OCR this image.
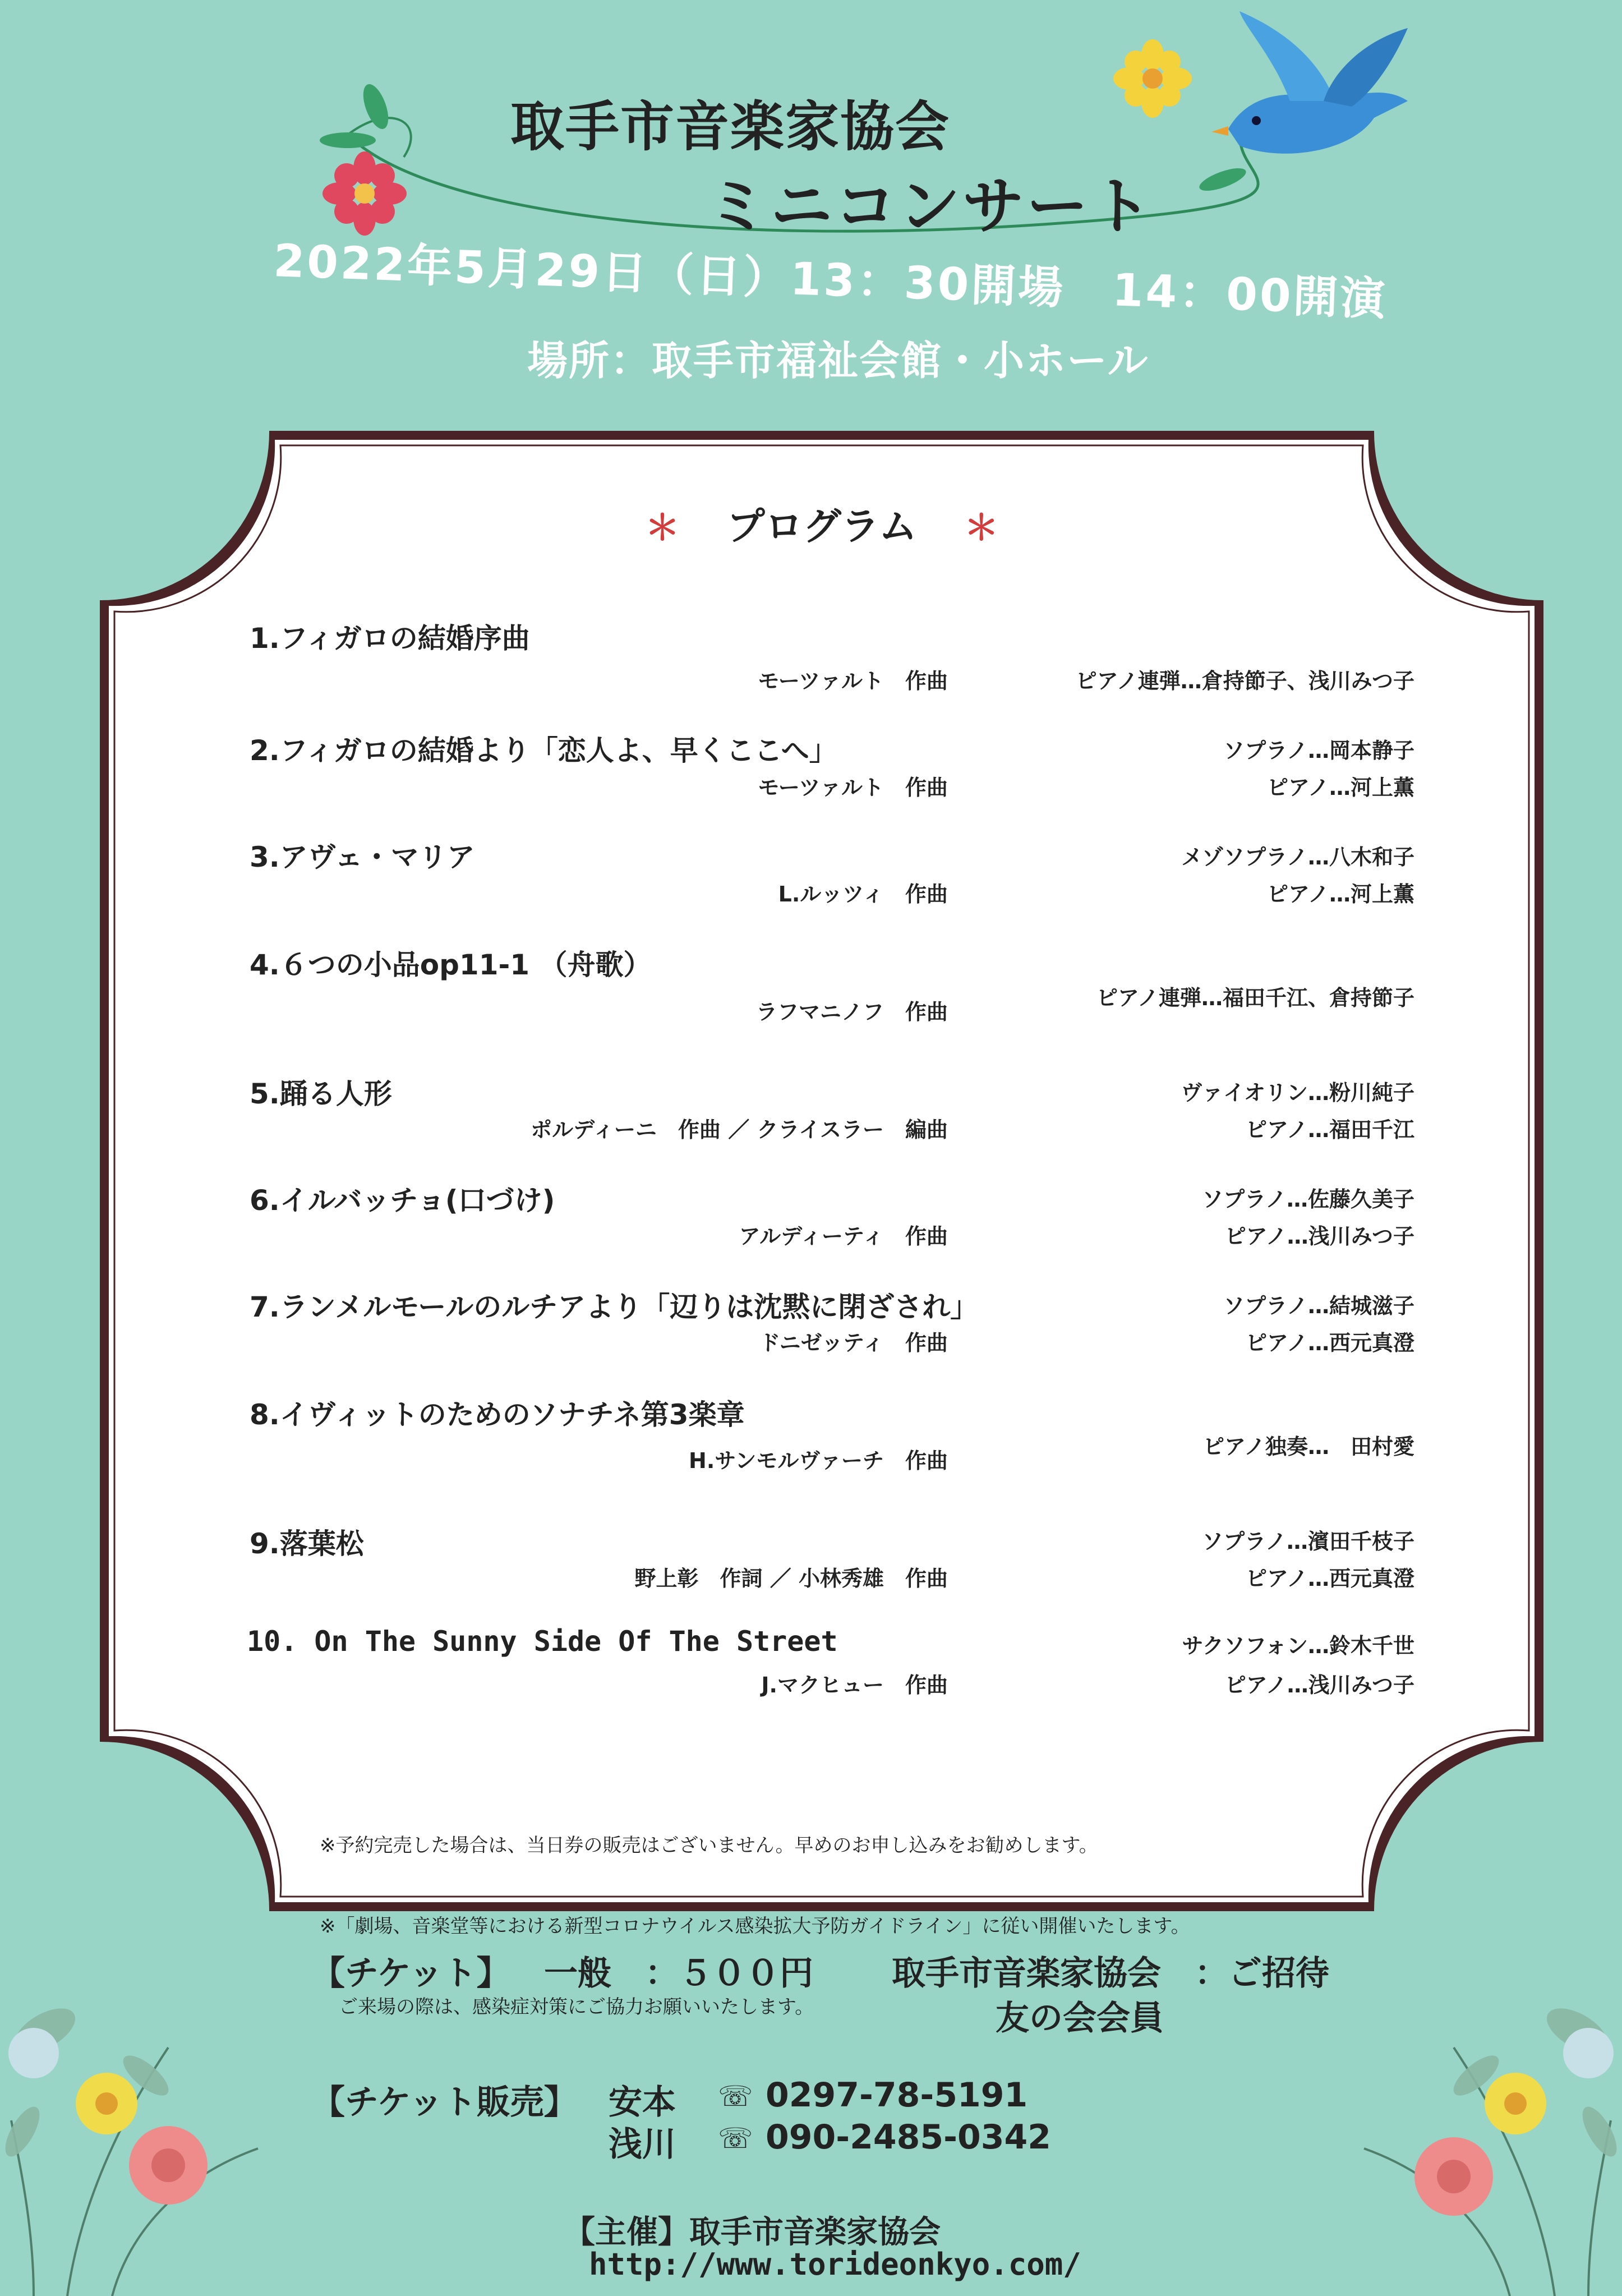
取手市音楽家協会
ミニコンサート
2022年5月29日（日）13：30開場　14：00開演
場所：取手市福祉会館・小ホール
＊ プログラム ＊
1.フィガロの結婚序曲
モーツァルト　作曲	ピアノ連弾…倉持節子、浅川みつ子
2.フィガロの結婚より「恋人よ、早くここへ」
モーツァルト　作曲
ソプラノ…岡本静子
ピアノ…河上薫
3.アヴェ・マリア
L.ルッツィ　作曲
メゾソプラノ…八木和子
ピアノ…河上薫
4.６つの小品op11-1 （舟歌）
ラフマニノフ　作曲
ピアノ連弾…福田千江、倉持節子
5.踊る人形
ポルディーニ　作曲 ／ クライスラー　編曲
ヴァイオリン…粉川純子
ピアノ…福田千江
6.イルバッチョ(口づけ)
アルディーティ　作曲
ソプラノ…佐藤久美子
ピアノ…浅川みつ子
7.ランメルモールのルチアより「辺りは沈黙に閉ざされ」
ドニゼッティ　作曲
ソプラノ…結城滋子
ピアノ…西元真澄
8.イヴィットのためのソナチネ第3楽章
H.サンモルヴァーチ　作曲
ピアノ独奏…　田村愛
9.落葉松
野上彰　作詞 ／ 小林秀雄　作曲
ソプラノ…濱田千枝子
ピアノ…西元真澄
10. On The Sunny Side Of The Street
J.マクヒュー　作曲
サクソフォン…鈴木千世
ピアノ…浅川みつ子

※予約完売した場合は、当日券の販売はございません。早めのお申し込みをお勧めします。

※「劇場、音楽堂等における新型コロナウイルス感染拡大予防ガイドライン」に従い開催いたします。

　ご来場の際は、感染症対策にご協力お願いいたします。

【チケット】 一般　：５００円 取手市音楽家協会　：ご招待
友の会会員
【チケット販売】 安本 ☏ 0297-78-5191
浅川 ☏ 090-2485-0342
【主催】取手市音楽家協会
http://www.torideonkyo.com/
